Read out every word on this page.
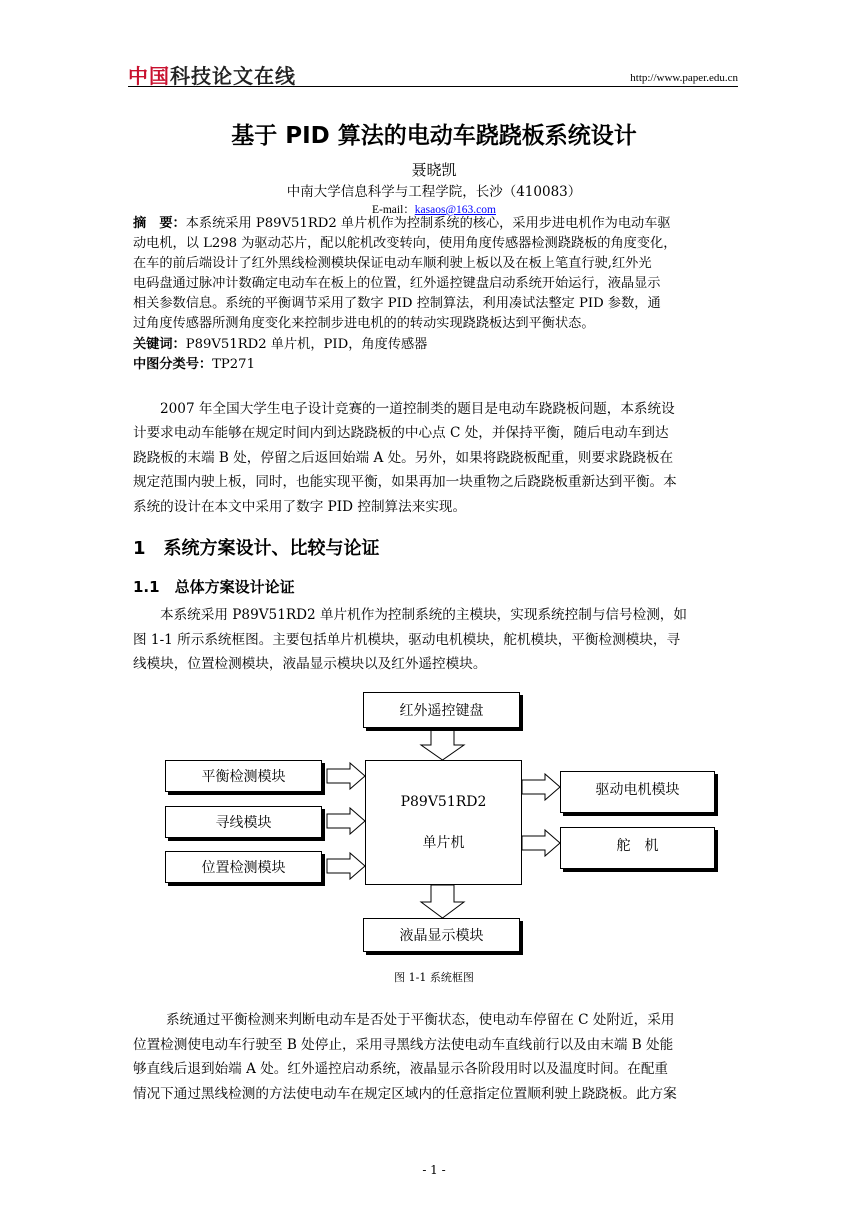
中国科技论文在线	http://www.paper.edu.cn
基于 PID 算法的电动车跷跷板系统设计
聂晓凯
中南大学信息科学与工程学院，长沙（410083）
E-mail：kasaos@163.com
摘　要：本系统采用 P89V51RD2 单片机作为控制系统的核心，采用步进电机作为电动车驱
动电机，以 L298 为驱动芯片，配以舵机改变转向，使用角度传感器检测跷跷板的角度变化，
在车的前后端设计了红外黑线检测模块保证电动车顺利驶上板以及在板上笔直行驶,红外光
电码盘通过脉冲计数确定电动车在板上的位置，红外遥控键盘启动系统开始运行，液晶显示
相关参数信息。系统的平衡调节采用了数字 PID 控制算法，利用凑试法整定 PID 参数，通
过角度传感器所测角度变化来控制步进电机的的转动实现跷跷板达到平衡状态。
关键词：P89V51RD2 单片机，PID，角度传感器
中图分类号：TP271
2007 年全国大学生电子设计竞赛的一道控制类的题目是电动车跷跷板问题，本系统设
计要求电动车能够在规定时间内到达跷跷板的中心点 C 处，并保持平衡，随后电动车到达
跷跷板的末端 B 处，停留之后返回始端 A 处。另外，如果将跷跷板配重，则要求跷跷板在
规定范围内驶上板，同时，也能实现平衡，如果再加一块重物之后跷跷板重新达到平衡。本
系统的设计在本文中采用了数字 PID 控制算法来实现。
1　系统方案设计、比较与论证
1.1　总体方案设计论证
本系统采用 P89V51RD2 单片机作为控制系统的主模块，实现系统控制与信号检测，如
图 1-1 所示系统框图。主要包括单片机模块，驱动电机模块，舵机模块，平衡检测模块，寻
线模块，位置检测模块，液晶显示模块以及红外遥控模块。
红外遥控键盘
P89V51RD2
单片机
平衡检测模块
寻线模块
位置检测模块
驱动电机模块
舵　机
液晶显示模块
图 1-1 系统框图
系统通过平衡检测来判断电动车是否处于平衡状态，使电动车停留在 C 处附近，采用
位置检测使电动车行驶至 B 处停止，采用寻黑线方法使电动车直线前行以及由末端 B 处能
够直线后退到始端 A 处。红外遥控启动系统，液晶显示各阶段用时以及温度时间。在配重
情况下通过黑线检测的方法使电动车在规定区域内的任意指定位置顺利驶上跷跷板。此方案
- 1 -
